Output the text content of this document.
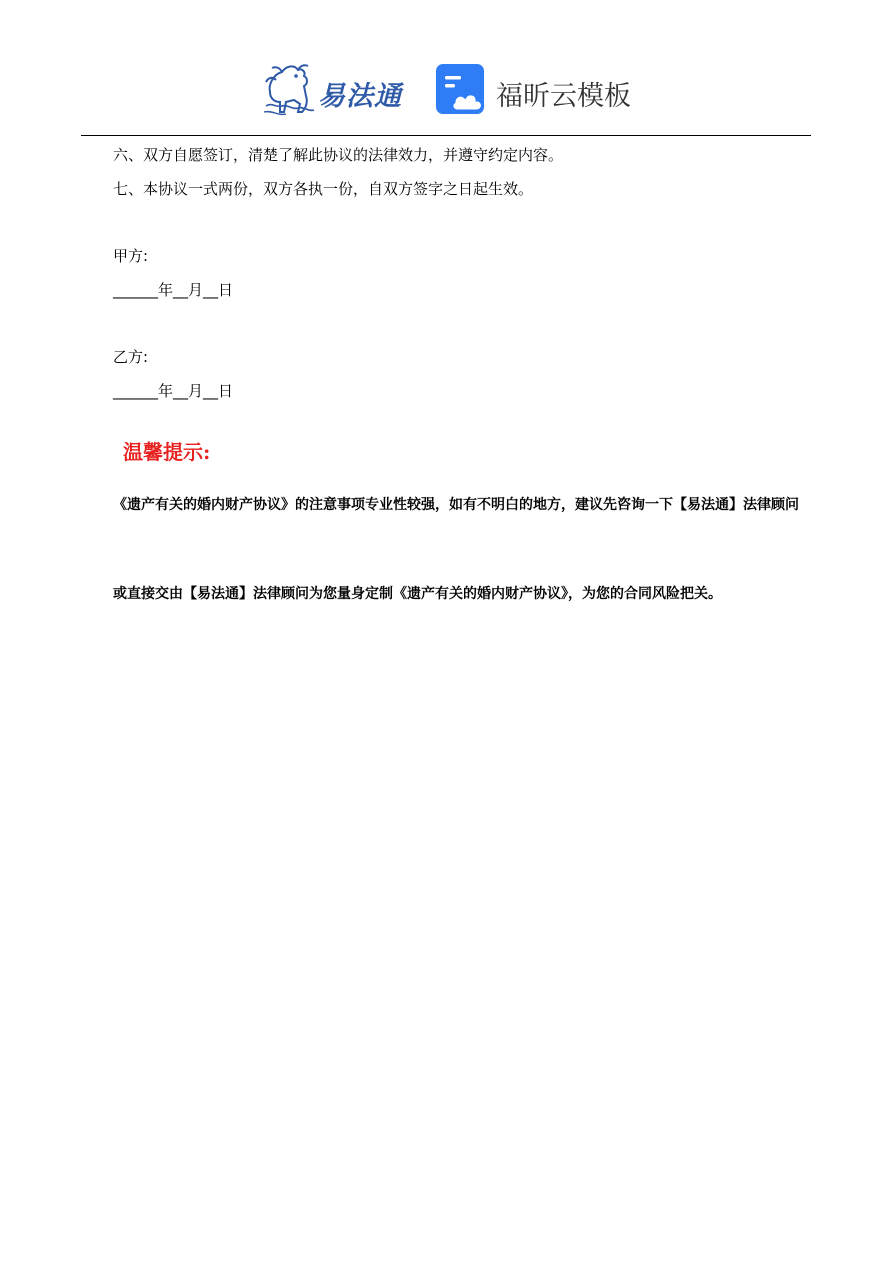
易法通	福昕云模板
六、双方自愿签订，清楚了解此协议的法律效力，并遵守约定内容。
七、本协议一式两份，双方各执一份，自双方签字之日起生效。
甲方:
______年__月__日
乙方:
______年__月__日
温馨提示:
《遗产有关的婚内财产协议》的注意事项专业性较强，如有不明白的地方，建议先咨询一下【易法通】法律顾问
或直接交由【易法通】法律顾问为您量身定制《遗产有关的婚内财产协议》，为您的合同风险把关。
